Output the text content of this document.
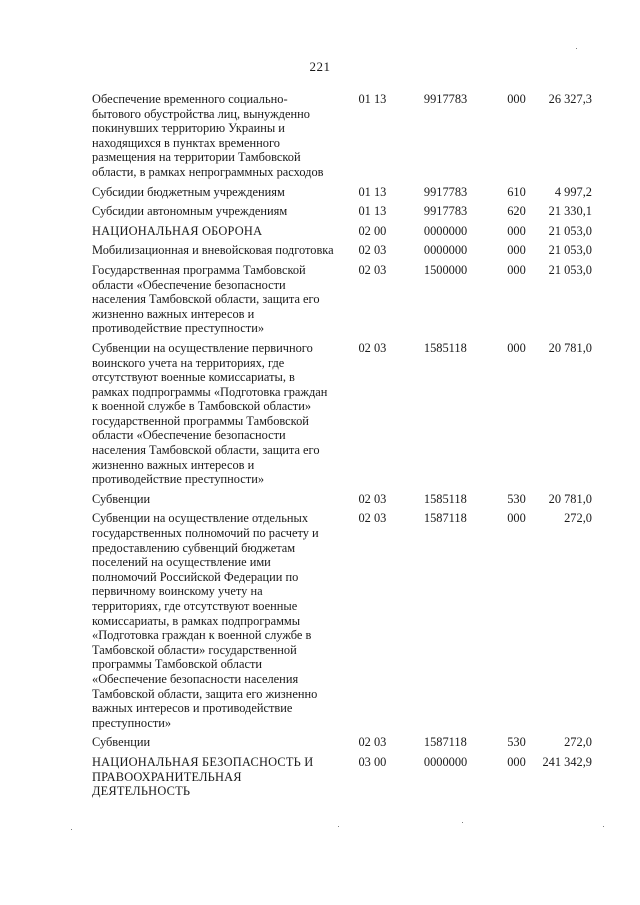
221
Обеспечение временного социально-бытового обустройства лиц, вынужденно покинувших территорию Украины и находящихся в пунктах временного размещения на территории Тамбовской области, в рамках непрограммных расходов	01 13	9917783	000	26 327,3
Субсидии бюджетным учреждениям	01 13	9917783	610	4 997,2
Субсидии автономным учреждениям	01 13	9917783	620	21 330,1
НАЦИОНАЛЬНАЯ ОБОРОНА	02 00	0000000	000	21 053,0
Мобилизационная и вневойсковая подготовка	02 03	0000000	000	21 053,0
Государственная программа Тамбовской области «Обеспечение безопасности населения Тамбовской области, защита его жизненно важных интересов и противодействие преступности»	02 03	1500000	000	21 053,0
Субвенции на осуществление первичного воинского учета на территориях, где отсутствуют военные комиссариаты, в рамках подпрограммы «Подготовка граждан к военной службе в Тамбовской области» государственной программы Тамбовской области «Обеспечение безопасности населения Тамбовской области, защита его жизненно важных интересов и противодействие преступности»	02 03	1585118	000	20 781,0
Субвенции	02 03	1585118	530	20 781,0
Субвенции на осуществление отдельных государственных полномочий по расчету и предоставлению субвенций бюджетам поселений на осуществление ими полномочий Российской Федерации по первичному воинскому учету на территориях, где отсутствуют военные комиссариаты, в рамках подпрограммы «Подготовка граждан к военной службе в Тамбовской области» государственной программы Тамбовской области «Обеспечение безопасности населения Тамбовской области, защита его жизненно важных интересов и противодействие преступности»	02 03	1587118	000	272,0
Субвенции	02 03	1587118	530	272,0
НАЦИОНАЛЬНАЯ БЕЗОПАСНОСТЬ И ПРАВООХРАНИТЕЛЬНАЯ ДЕЯТЕЛЬНОСТЬ	03 00	0000000	000	241 342,9
